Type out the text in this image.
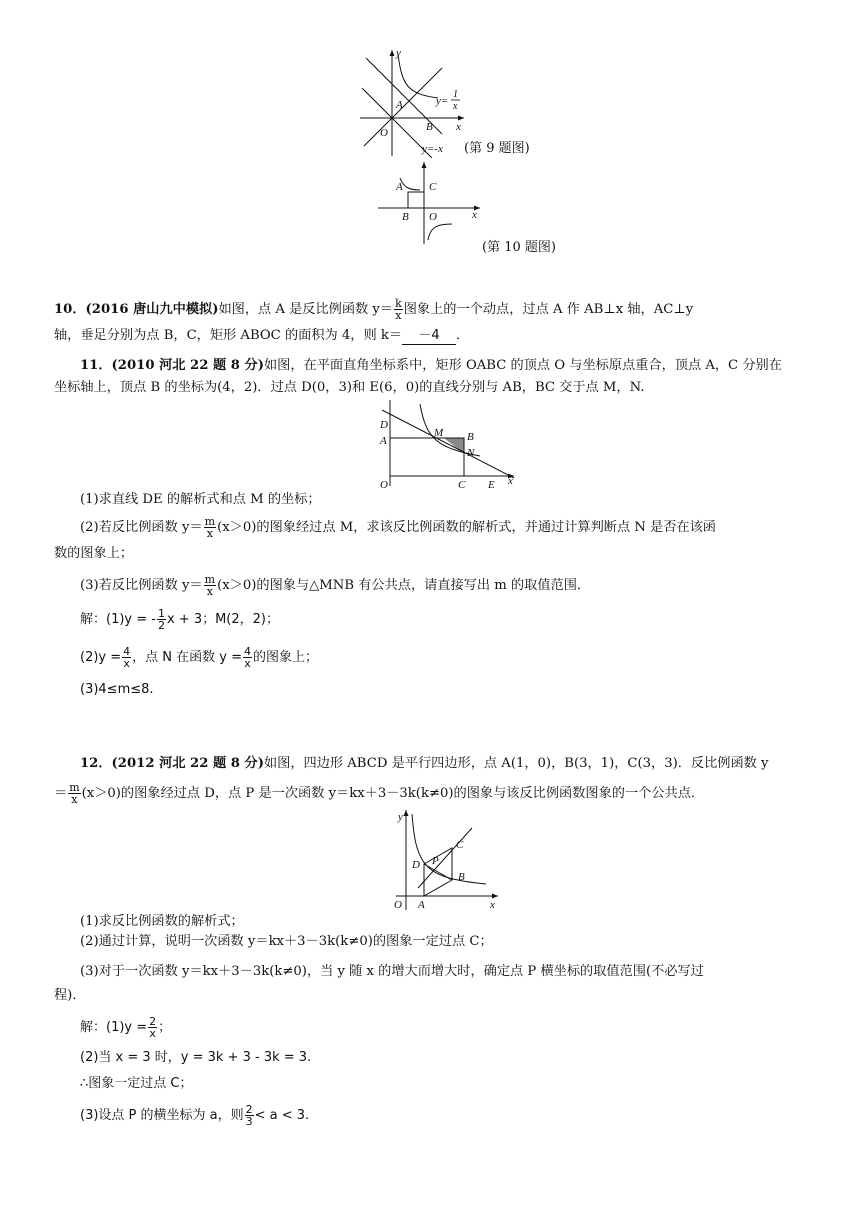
y
x
O
A
B
y=
1
x
y=-x (第 9 题图)
A
B
C
O	x
(第 10 题图)
10．(2016 唐山九中模拟)如图，点 A 是反比例函数 $y= \frac{k}{x}$ 图象上的一个动点，过点 A 作 AB⊥x 轴，AC⊥y
轴，垂足分别为点 B，C，矩形 ABOC 的面积为 4，则 k＝ －4 ．
11．(2010 河北 22 题 8 分)如图，在平面直角坐标系中，矩形 OABC 的顶点 O 与坐标原点重合，顶点 A，C 分别在
坐标轴上，顶点 B 的坐标为(4，2)．过点 D(0，3)和 E(6，0)的直线分别与 AB，BC 交于点 M，N.
D
A
M B
N
O	C E x
(1)求直线 DE 的解析式和点 M 的坐标；
(2)若反比例函数 $y= \frac{m}{x} (x>0)$的图象经过点 M，求该反比例函数的解析式，并通过计算判断点 N 是否在该函
数的图象上；
(3)若反比例函数 $y= \frac{m}{x} (x>0)$的图象与△MNB 有公共点，请直接写出 m 的取值范围．
解：(1)y = - $\frac{1}{2}$ x + 3；M(2，2)；
$(2)y = \frac{4}{x}$ ，点 N 在函数 $y = \frac{4}{x}$ 的图象上；
(3)4≤m≤8.
12．(2012 河北 22 题 8 分)如图，四边形 ABCD 是平行四边形，点 A(1，0)，B(3，1)，C(3，3)．反比例函数 y
＝ $\frac{m}{x} (x>0)$的图象经过点 D，点 P 是一次函数 y＝kx＋3－3k(k≠0)的图象与该反比例函数图象的一个公共点．
y
C
P
D
B
O A	x
(1)求反比例函数的解析式；
(2)通过计算，说明一次函数 y＝kx＋3－3k(k≠0)的图象一定过点 C；
(3)对于一次函数 y＝kx＋3－3k(k≠0)，当 y 随 x 的增大而增大时，确定点 P 横坐标的取值范围(不必写过
程)．
解：$(1)y = \frac{2}{x}$ ；
(2)当 x = 3 时，y = 3k + 3 - 3k = 3.
∴图象一定过点 C；
(3)设点 P 的横坐标为 a，则 $\frac{2}{3} < a < 3$.
